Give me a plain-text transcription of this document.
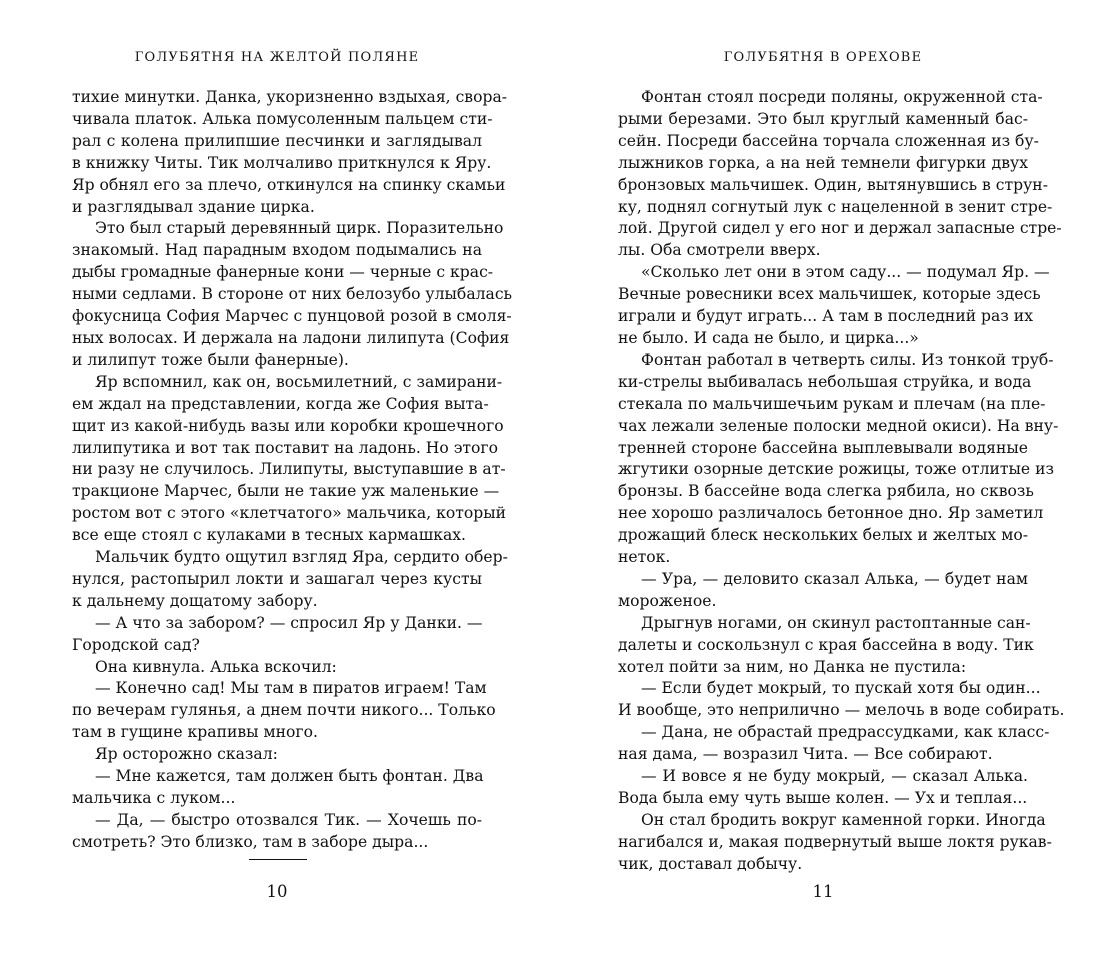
ГОЛУБЯТНЯ НА ЖЕЛТОЙ ПОЛЯНЕ
тихие минутки. Данка, укоризненно вздыхая, свора-
чивала платок. Алька помусоленным пальцем сти-
рал с колена прилипшие песчинки и заглядывал
в книжку Читы. Тик молчаливо приткнулся к Яру.
Яр обнял его за плечо, откинулся на спинку скамьи
и разглядывал здание цирка.
Это был старый деревянный цирк. Поразительно
знакомый. Над парадным входом подымались на
дыбы громадные фанерные кони — черные с крас-
ными седлами. В стороне от них белозубо улыбалась
фокусница София Марчес с пунцовой розой в смоля-
ных волосах. И держала на ладони лилипута (София
и лилипут тоже были фанерные).
Яр вспомнил, как он, восьмилетний, с замирани-
ем ждал на представлении, когда же София выта-
щит из какой-нибудь вазы или коробки крошечного
лилипутика и вот так поставит на ладонь. Но этого
ни разу не случилось. Лилипуты, выступавшие в ат-
тракционе Марчес, были не такие уж маленькие —
ростом вот с этого «клетчатого» мальчика, который
все еще стоял с кулаками в тесных кармашках.
Мальчик будто ощутил взгляд Яра, сердито обер-
нулся, растопырил локти и зашагал через кусты
к дальнему дощатому забору.
— А что за забором? — спросил Яр у Данки. —
Городской сад?
Она кивнула. Алька вскочил:
— Конечно сад! Мы там в пиратов играем! Там
по вечерам гулянья, а днем почти никого... Только
там в гущине крапивы много.
Яр осторожно сказал:
— Мне кажется, там должен быть фонтан. Два
мальчика с луком...
— Да, — быстро отозвался Тик. — Хочешь по-
смотреть? Это близко, там в заборе дыра...
10
ГОЛУБЯТНЯ В ОРЕХОВЕ
Фонтан стоял посреди поляны, окруженной ста-
рыми березами. Это был круглый каменный бас-
сейн. Посреди бассейна торчала сложенная из бу-
лыжников горка, а на ней темнели фигурки двух
бронзовых мальчишек. Один, вытянувшись в струн-
ку, поднял согнутый лук с нацеленной в зенит стре-
лой. Другой сидел у его ног и держал запасные стре-
лы. Оба смотрели вверх.
«Сколько лет они в этом саду... — подумал Яр. —
Вечные ровесники всех мальчишек, которые здесь
играли и будут играть... А там в последний раз их
не было. И сада не было, и цирка...»
Фонтан работал в четверть силы. Из тонкой труб-
ки-стрелы выбивалась небольшая струйка, и вода
стекала по мальчишечьим рукам и плечам (на пле-
чах лежали зеленые полоски медной окиси). На вну-
тренней стороне бассейна выплевывали водяные
жгутики озорные детские рожицы, тоже отлитые из
бронзы. В бассейне вода слегка рябила, но сквозь
нее хорошо различалось бетонное дно. Яр заметил
дрожащий блеск нескольких белых и желтых мо-
неток.
— Ура, — деловито сказал Алька, — будет нам
мороженое.
Дрыгнув ногами, он скинул растоптанные сан-
далеты и соскользнул с края бассейна в воду. Тик
хотел пойти за ним, но Данка не пустила:
— Если будет мокрый, то пускай хотя бы один...
И вообще, это неприлично — мелочь в воде собирать.
— Дана, не обрастай предрассудками, как класс-
ная дама, — возразил Чита. — Все собирают.
— И вовсе я не буду мокрый, — сказал Алька.
Вода была ему чуть выше колен. — Ух и теплая...
Он стал бродить вокруг каменной горки. Иногда
нагибался и, макая подвернутый выше локтя рукав-
чик, доставал добычу.
11
